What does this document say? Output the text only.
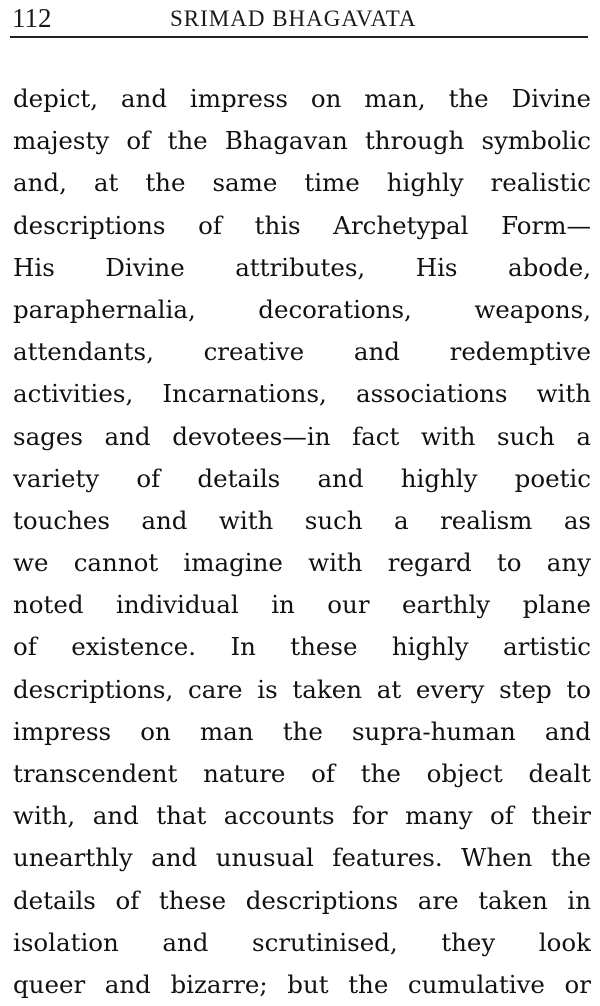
112	SRIMAD BHAGAVATA
depict, and impress on man, the Divine
majesty of the Bhagavan through symbolic
and, at the same time highly realistic
descriptions of this Archetypal Form—
His Divine attributes, His abode,
paraphernalia, decorations, weapons,
attendants, creative and redemptive
activities, Incarnations, associations with
sages and devotees—in fact with such a
variety of details and highly poetic
touches and with such a realism as
we cannot imagine with regard to any
noted individual in our earthly plane
of existence. In these highly artistic
descriptions, care is taken at every step to
impress on man the supra-human and
transcendent nature of the object dealt
with, and that accounts for many of their
unearthly and unusual features. When the
details of these descriptions are taken in
isolation and scrutinised, they look
queer and bizarre; but the cumulative or
